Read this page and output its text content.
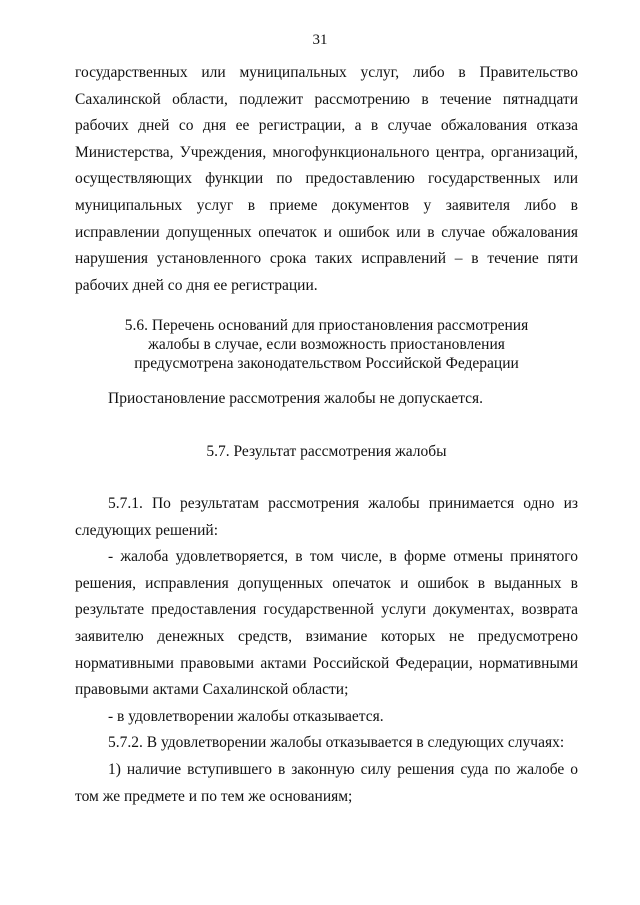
31

государственных или муниципальных услуг, либо в Правительство Сахалинской области, подлежит рассмотрению в течение пятнадцати рабочих дней со дня ее регистрации, а в случае обжалования отказа Министерства, Учреждения, многофункционального центра, организаций, осуществляющих функции по предоставлению государственных или муниципальных услуг в приеме документов у заявителя либо в исправлении допущенных опечаток и ошибок или в случае обжалования нарушения установленного срока таких исправлений – в течение пяти рабочих дней со дня ее регистрации.

5.6. Перечень оснований для приостановления рассмотрения

жалобы в случае, если возможность приостановления

предусмотрена законодательством Российской Федерации

Приостановление рассмотрения жалобы не допускается.

5.7. Результат рассмотрения жалобы

5.7.1. По результатам рассмотрения жалобы принимается одно из следующих решений:

- жалоба удовлетворяется, в том числе, в форме отмены принятого решения, исправления допущенных опечаток и ошибок в выданных в результате предоставления государственной услуги документах, возврата заявителю денежных средств, взимание которых не предусмотрено нормативными правовыми актами Российской Федерации, нормативными правовыми актами Сахалинской области;

- в удовлетворении жалобы отказывается.

5.7.2. В удовлетворении жалобы отказывается в следующих случаях:

1) наличие вступившего в законную силу решения суда по жалобе о том же предмете и по тем же основаниям;
